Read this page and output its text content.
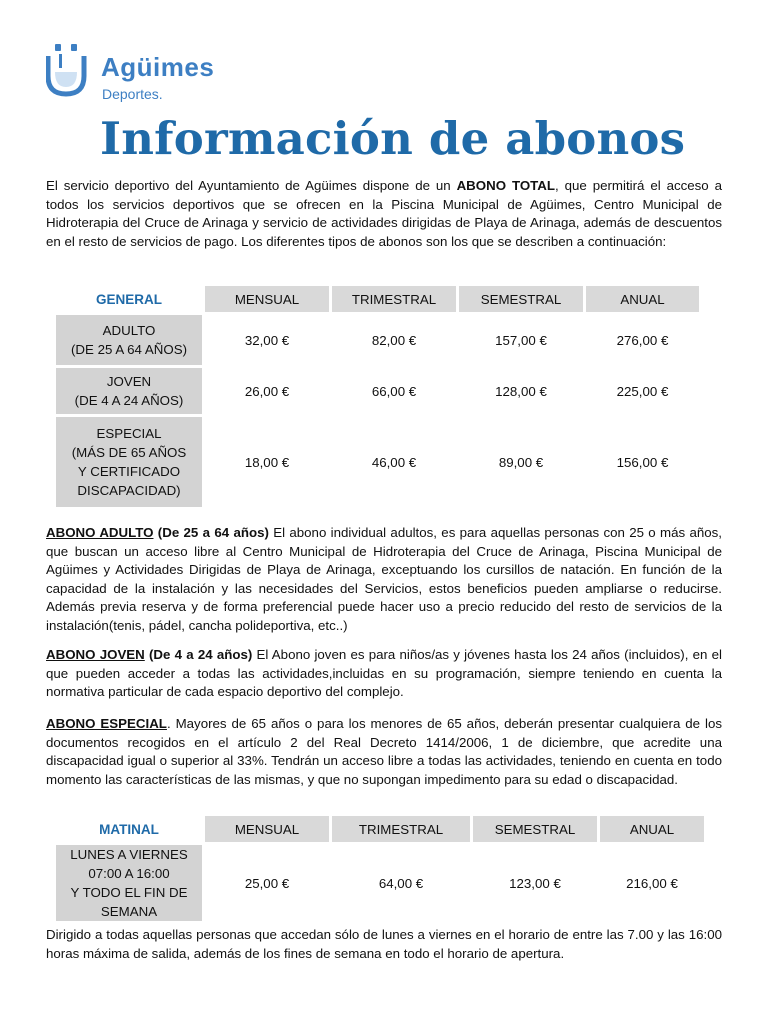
Agüimes
Deportes.
Información de abonos

El servicio deportivo del Ayuntamiento de Agüimes dispone de un ABONO TOTAL, que permitirá el acceso a todos los servicios deportivos que se ofrecen en la Piscina Municipal de Agüimes, Centro Municipal de Hidroterapia del Cruce de Arinaga y servicio de actividades dirigidas de Playa de Arinaga, además de descuentos en el resto de servicios de pago. Los diferentes tipos de abonos son los que se describen a continuación:

GENERAL	MENSUAL	TRIMESTRAL	SEMESTRAL	ANUAL

ADULTO
(DE 25 A 64 AÑOS)	32,00 €	82,00 €	157,00 €	276,00 €

JOVEN
(DE 4 A 24 AÑOS)	26,00 €	66,00 €	128,00 €	225,00 €

ESPECIAL
(MÁS DE 65 AÑOS
Y CERTIFICADO
DISCAPACIDAD)	18,00 €	46,00 €	89,00 €	156,00 €

ABONO ADULTO (De 25 a 64 años) El abono individual adultos, es para aquellas personas con 25 o más años, que buscan un acceso libre al Centro Municipal de Hidroterapia del Cruce de Arinaga, Piscina Municipal de Agüimes y Actividades Dirigidas de Playa de Arinaga, exceptuando los cursillos de natación. En función de la capacidad de la instalación y las necesidades del Servicios, estos beneficios pueden ampliarse o reducirse. Además previa reserva y de forma preferencial puede hacer uso a precio reducido del resto de servicios de la instalación(tenis, pádel, cancha polideportiva, etc..)

ABONO JOVEN (De 4 a 24 años) El Abono joven es para niños/as y jóvenes hasta los 24 años (incluidos), en el que pueden acceder a todas las actividades,incluidas en su programación, siempre teniendo en cuenta la normativa particular de cada espacio deportivo del complejo.

ABONO ESPECIAL. Mayores de 65 años o para los menores de 65 años, deberán presentar cualquiera de los documentos recogidos en el artículo 2 del Real Decreto 1414/2006, 1 de diciembre, que acredite una discapacidad igual o superior al 33%. Tendrán un acceso libre a todas las actividades, teniendo en cuenta en todo momento las características de las mismas, y que no supongan impedimento para su edad o discapacidad.

MATINAL	MENSUAL	TRIMESTRAL	SEMESTRAL	ANUAL

LUNES A VIERNES
07:00 A 16:00
Y TODO EL FIN DE
SEMANA	25,00 €	64,00 €	123,00 €	216,00 €

Dirigido a todas aquellas personas que accedan sólo de lunes a viernes en el horario de entre las 7.00 y las 16:00 horas máxima de salida, además de los fines de semana en todo el horario de apertura.
